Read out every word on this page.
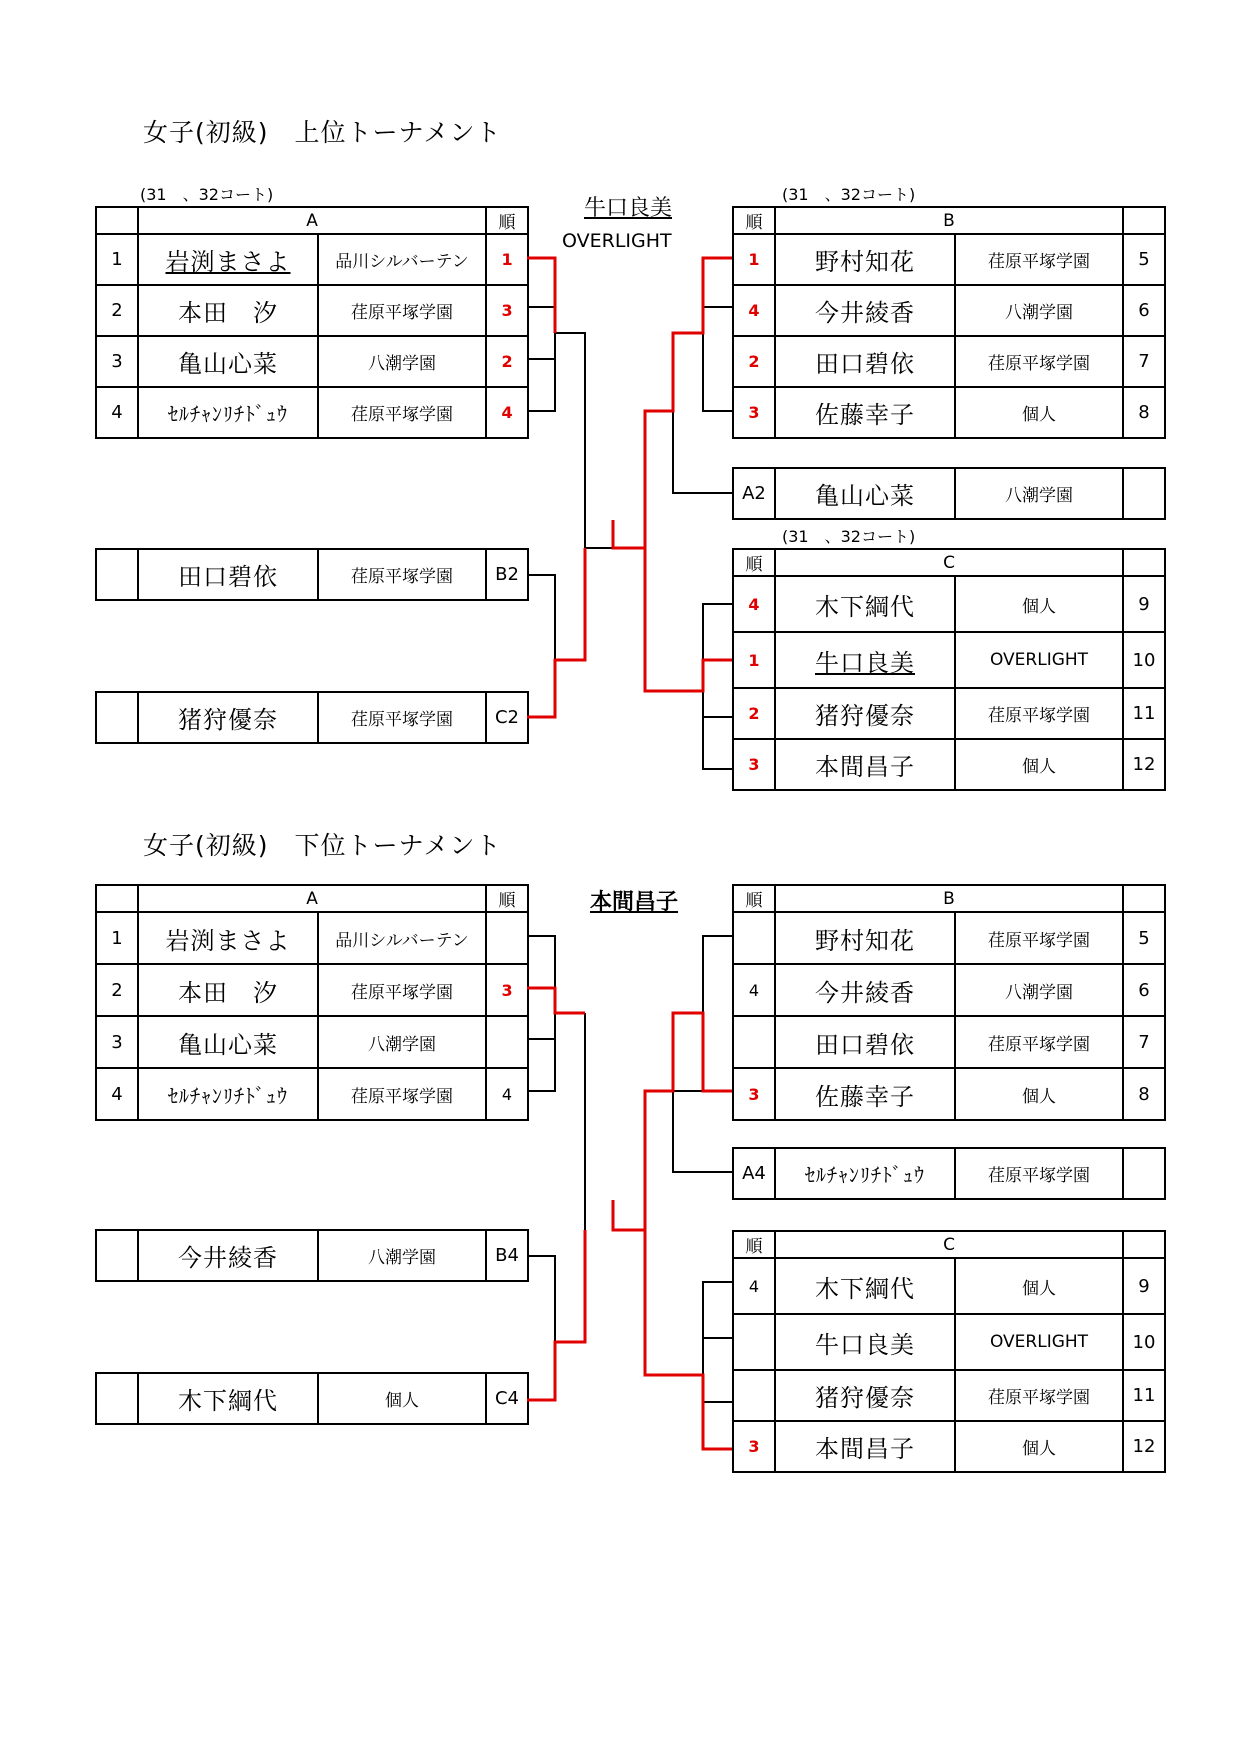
女子(初級)　上位トーナメント
(31　、32コート)	(31　、32コート)
(31　、32コート)
牛口良美
OVERLIGHT
	A		順
1	岩渕まさよ	品川シルバーテン	1
2	本田　汐	荏原平塚学園	3
3	亀山心菜	八潮学園	2
4	ｾﾙﾁｬﾝﾘﾁﾄﾞｭｳ	荏原平塚学園	4
順	B		
1	野村知花	荏原平塚学園	5
4	今井綾香	八潮学園	6
2	田口碧依	荏原平塚学園	7
3	佐藤幸子	個人	8
A2	亀山心菜	八潮学園	
順	C		
4	木下綱代	個人	9
1	牛口良美	OVERLIGHT	10
2	猪狩優奈	荏原平塚学園	11
3	本間昌子	個人	12
	田口碧依	荏原平塚学園	B2
	猪狩優奈	荏原平塚学園	C2
女子(初級)　下位トーナメント
本間昌子
	A		順
1	岩渕まさよ	品川シルバーテン	
2	本田　汐	荏原平塚学園	3
3	亀山心菜	八潮学園	
4	ｾﾙﾁｬﾝﾘﾁﾄﾞｭｳ	荏原平塚学園	4
順	B		
	野村知花	荏原平塚学園	5
4	今井綾香	八潮学園	6
	田口碧依	荏原平塚学園	7
3	佐藤幸子	個人	8
A4	ｾﾙﾁｬﾝﾘﾁﾄﾞｭｳ	荏原平塚学園	
順	C		
4	木下綱代	個人	9
	牛口良美	OVERLIGHT	10
	猪狩優奈	荏原平塚学園	11
3	本間昌子	個人	12
	今井綾香	八潮学園	B4
	木下綱代	個人	C4
